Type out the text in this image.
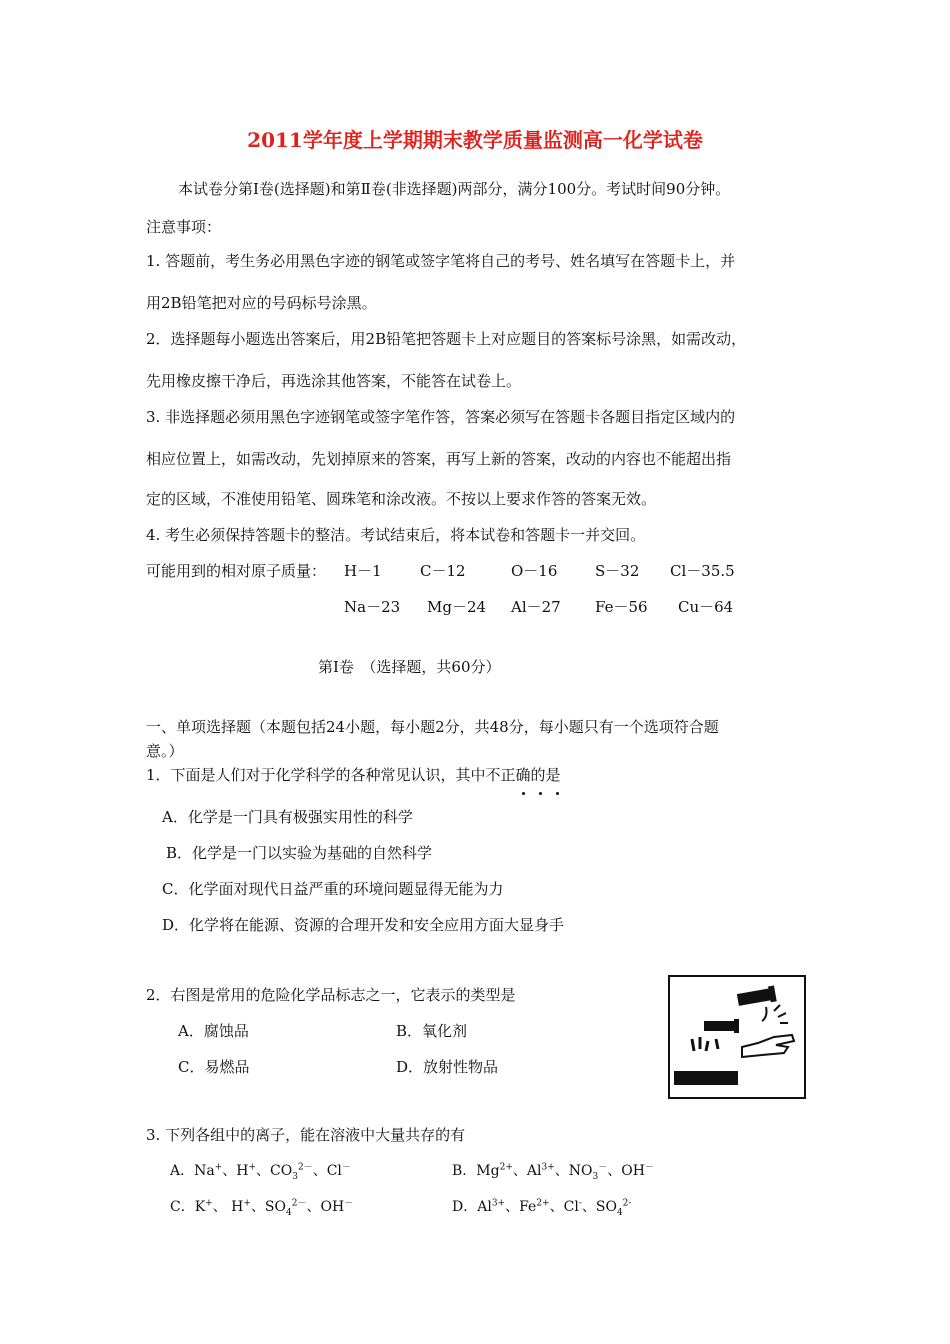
2011学年度上学期期末教学质量监测高一化学试卷
本试卷分第Ⅰ卷(选择题)和第Ⅱ卷(非选择题)两部分，满分100分。考试时间90分钟。
注意事项：
1. 答题前，考生务必用黑色字迹的钢笔或签字笔将自己的考号、姓名填写在答题卡上，并
用2B铅笔把对应的号码标号涂黑。
2．选择题每小题选出答案后，用2B铅笔把答题卡上对应题目的答案标号涂黑，如需改动，
先用橡皮擦干净后，再选涂其他答案，不能答在试卷上。
3. 非选择题必须用黑色字迹钢笔或签字笔作答，答案必须写在答题卡各题目指定区域内的
相应位置上，如需改动，先划掉原来的答案，再写上新的答案，改动的内容也不能超出指
定的区域，不准使用铅笔、圆珠笔和涂改液。不按以上要求作答的答案无效。
4. 考生必须保持答题卡的整洁。考试结束后，将本试卷和答题卡一并交回。
可能用到的相对原子质量： H－1	C－12	O－16	S－32 Cl－35.5
Na－23 Mg－24 Al－27 Fe－56 Cu－64
第Ⅰ卷　（选择题，共60分）
一、单项选择题（本题包括24小题，每小题2分，共48分，每小题只有一个选项符合题
意。）
1．下面是人们对于化学科学的各种常见认识，其中不正确的是
A．化学是一门具有极强实用性的科学
B．化学是一门以实验为基础的自然科学
C．化学面对现代日益严重的环境问题显得无能为力
D．化学将在能源、资源的合理开发和安全应用方面大显身手
2．右图是常用的危险化学品标志之一，它表示的类型是
A．腐蚀品	B．氧化剂
C．易燃品	D．放射性物品
3. 下列各组中的离子，能在溶液中大量共存的有
A．Na+、H+、$CO_3^{2-}$、Cl－	B．$Mg^{2+}$、$Al^{3+}$、$NO_3^-$、OH－
C．K+、 H+、$SO_4^{2-}$、OH－	D．$Al^{3+}$、$Fe^{2+}$、Cl-、$SO_4^{2-}$
